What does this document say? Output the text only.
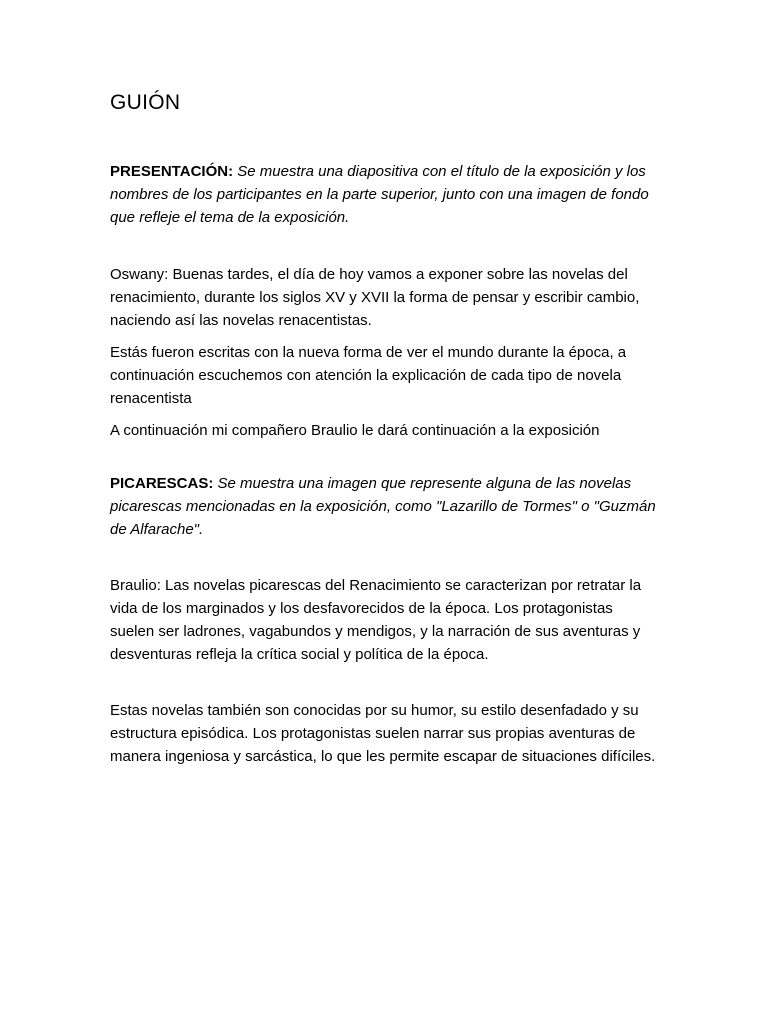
GUIÓN

PRESENTACIÓN: Se muestra una diapositiva con el título de la exposición y los nombres de los participantes en la parte superior, junto con una imagen de fondo que refleje el tema de la exposición.

Oswany: Buenas tardes, el día de hoy vamos a exponer sobre las novelas del renacimiento, durante los siglos XV y XVII la forma de pensar y escribir cambio, naciendo así las novelas renacentistas.

Estás fueron escritas con la nueva forma de ver el mundo durante la época, a continuación escuchemos con atención la explicación de cada tipo de novela renacentista

A continuación mi compañero Braulio le dará continuación a la exposición

PICARESCAS: Se muestra una imagen que represente alguna de las novelas picarescas mencionadas en la exposición, como "Lazarillo de Tormes" o "Guzmán de Alfarache".

Braulio: Las novelas picarescas del Renacimiento se caracterizan por retratar la vida de los marginados y los desfavorecidos de la época. Los protagonistas suelen ser ladrones, vagabundos y mendigos, y la narración de sus aventuras y desventuras refleja la crítica social y política de la época.

Estas novelas también son conocidas por su humor, su estilo desenfadado y su estructura episódica. Los protagonistas suelen narrar sus propias aventuras de manera ingeniosa y sarcástica, lo que les permite escapar de situaciones difíciles.
